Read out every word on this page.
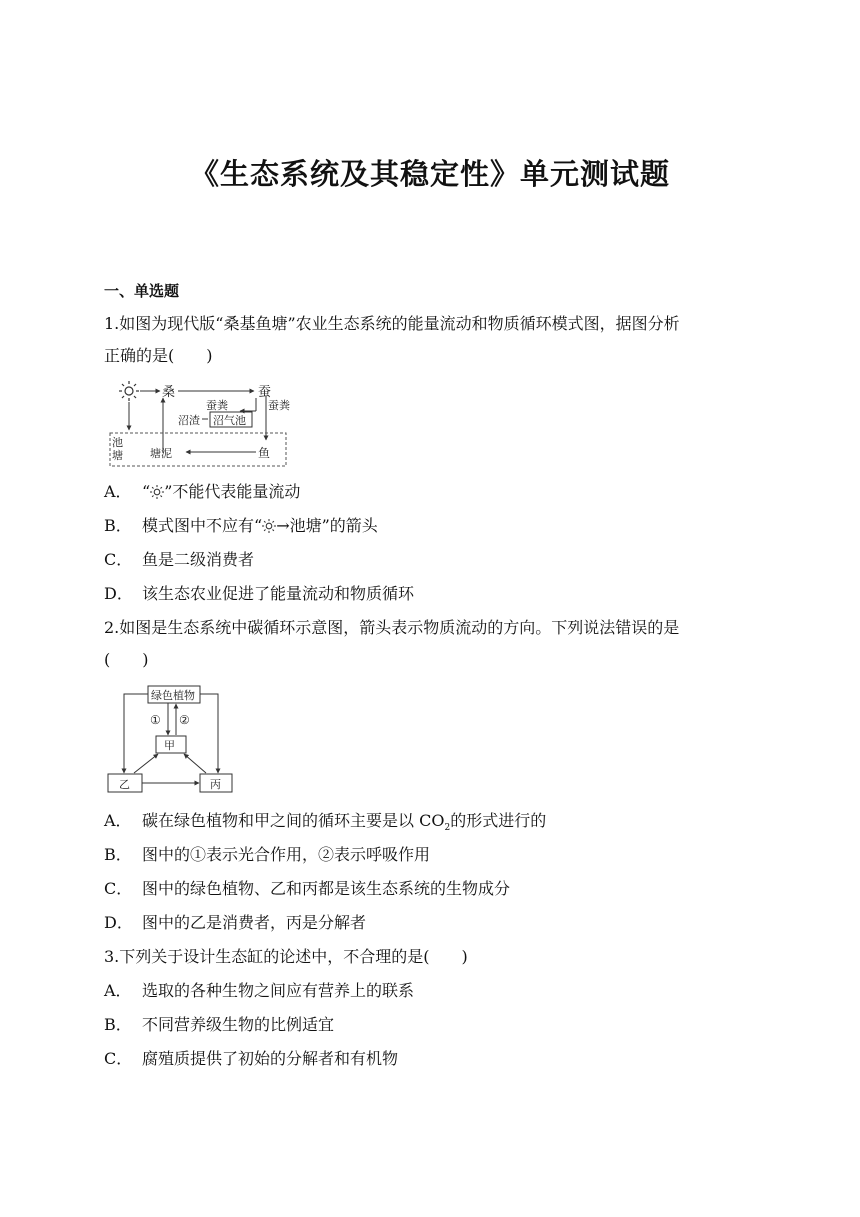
《生态系统及其稳定性》单元测试题
一、单选题
1.如图为现代版“桑基鱼塘”农业生态系统的能量流动和物质循环模式图，据图分析
正确的是(　　)
桑	蚕
蚕粪
沼气池
沼渣
蚕粪
池
塘 塘泥	鱼
A． “ ”不能代表能量流动
B． 模式图中不应有“ →池塘”的箭头
C． 鱼是二级消费者
D． 该生态农业促进了能量流动和物质循环
2.如图是生态系统中碳循环示意图，箭头表示物质流动的方向。下列说法错误的是
(　　)
绿色植物
甲
① ②
乙	丙
A． 碳在绿色植物和甲之间的循环主要是以 $CO_2$的形式进行的
B． 图中的①表示光合作用，②表示呼吸作用
C． 图中的绿色植物、乙和丙都是该生态系统的生物成分
D． 图中的乙是消费者，丙是分解者
3.下列关于设计生态缸的论述中，不合理的是(　　)
A． 选取的各种生物之间应有营养上的联系
B． 不同营养级生物的比例适宜
C． 腐殖质提供了初始的分解者和有机物
